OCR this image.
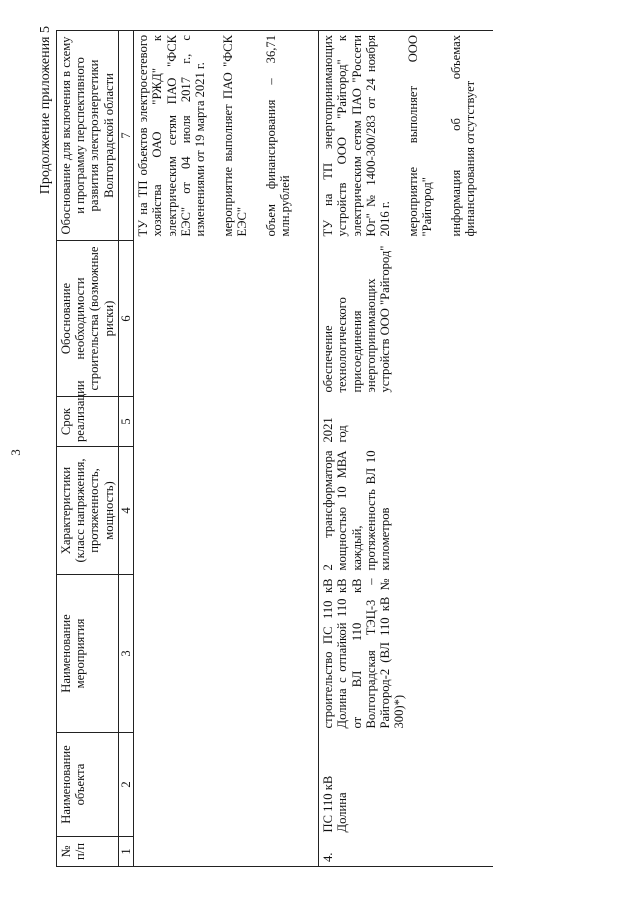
3
Продолжение приложения 5
№ п/п	Наименование объекта	Наименование мероприятия	Характеристики (класс напряжения, протяженность, мощность)	Срок реализации	Обоснование необходимости строительства (возможные риски)	Обоснование для включения в схему и программу перспективного развития электроэнергетики Волгоградской области
1	2	3	4	5	6	7

						ТУ на ТП объектов электросетевого хозяйства ОАО "РЖД" к электрическим сетям ПАО "ФСК ЕЭС" от 04 июля 2017 г., с изменениями от 19 марта 2021 г. мероприятие выполняет ПАО "ФСК ЕЭС" объем финансирования – 36,71 млн.рублей

4.	ПС 110 кВ Долина	строительство ПС 110 кВ Долина с отпайкой 110 кВ от ВЛ 110 кВ Волгоградская ТЭЦ-3 – Райгород-2 (ВЛ 110 кВ № 300)*)	2 трансформатора мощностью 10 МВА каждый, протяженность ВЛ 10 километров	2021 год	обеспечение технологического присоединения энергопринимающих устройств ООО "Райгород"	ТУ на ТП энергопринимающих устройств ООО "Райгород" к электрическим сетям ПАО "Россети Юг" № 1400-300/283 от 24 ноября 2016 г. мероприятие выполняет ООО "Райгород" информация об объемах финансирования отсутствует
